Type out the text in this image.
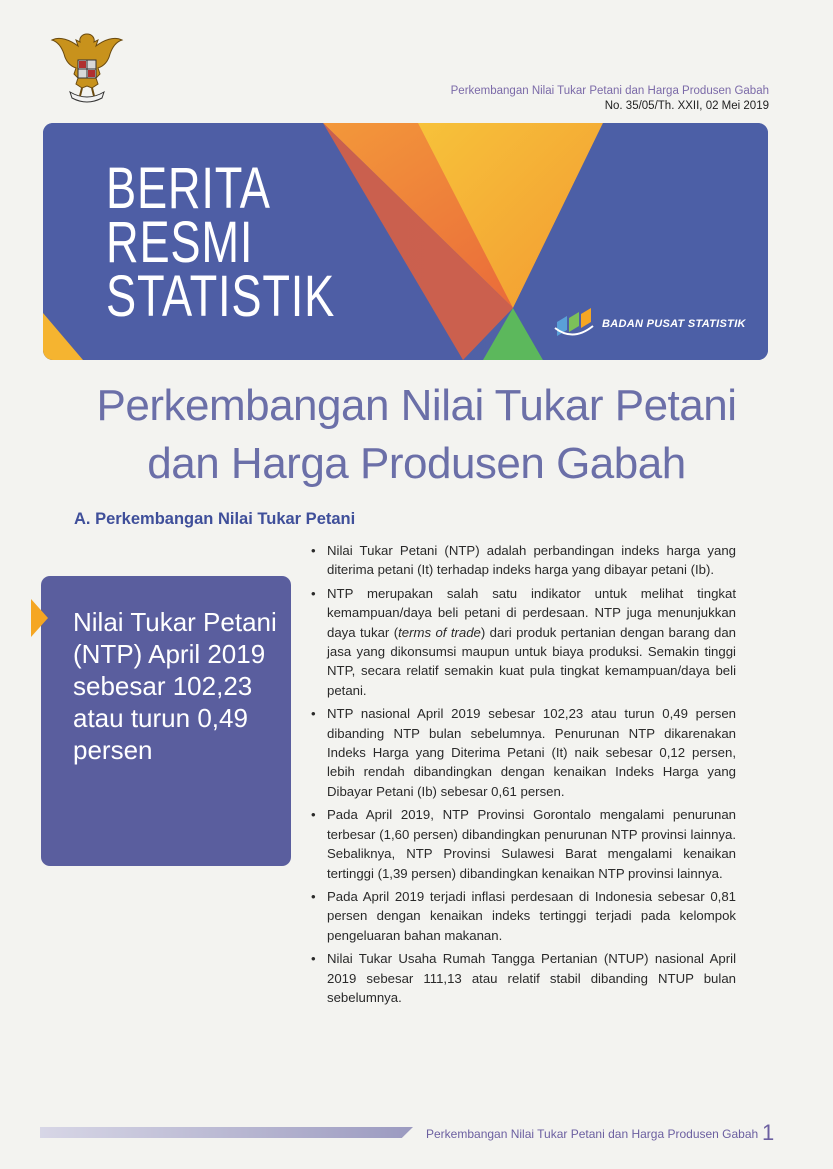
Perkembangan Nilai Tukar Petani dan Harga Produsen Gabah
No. 35/05/Th. XXII, 02 Mei 2019
BERITA
RESMI
STATISTIK	BADAN PUSAT STATISTIK
Perkembangan Nilai Tukar Petani
dan Harga Produsen Gabah
A. Perkembangan Nilai Tukar Petani
Nilai Tukar Petani
(NTP) April 2019
sebesar 102,23
atau turun 0,49
persen
• Nilai Tukar Petani (NTP) adalah perbandingan indeks harga yang diterima petani (It) terhadap indeks harga yang dibayar petani (Ib).
• NTP merupakan salah satu indikator untuk melihat tingkat kemampuan/daya beli petani di perdesaan. NTP juga menunjukkan daya tukar (terms of trade) dari produk pertanian dengan barang dan jasa yang dikonsumsi maupun untuk biaya produksi. Semakin tinggi NTP, secara relatif semakin kuat pula tingkat kemampuan/daya beli petani.
• NTP nasional April 2019 sebesar 102,23 atau turun 0,49 persen dibanding NTP bulan sebelumnya. Penurunan NTP dikarenakan Indeks Harga yang Diterima Petani (It) naik sebesar 0,12 persen, lebih rendah dibandingkan dengan kenaikan Indeks Harga yang Dibayar Petani (Ib) sebesar 0,61 persen.
• Pada April 2019, NTP Provinsi Gorontalo mengalami penurunan terbesar (1,60 persen) dibandingkan penurunan NTP provinsi lainnya. Sebaliknya, NTP Provinsi Sulawesi Barat mengalami kenaikan tertinggi (1,39 persen) dibandingkan kenaikan NTP provinsi lainnya.
• Pada April 2019 terjadi inflasi perdesaan di Indonesia sebesar 0,81 persen dengan kenaikan indeks tertinggi terjadi pada kelompok pengeluaran bahan makanan.
• Nilai Tukar Usaha Rumah Tangga Pertanian (NTUP) nasional April 2019 sebesar 111,13 atau relatif stabil dibanding NTUP bulan sebelumnya.
Perkembangan Nilai Tukar Petani dan Harga Produsen Gabah 1
